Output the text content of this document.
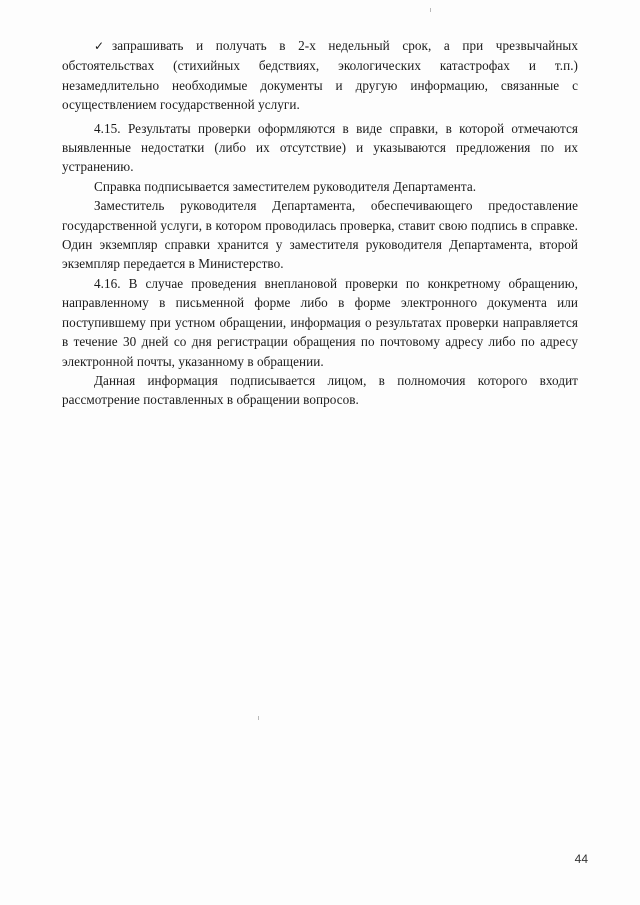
✓ запрашивать и получать в 2-х недельный срок, а при чрезвычайных обстоятельствах (стихийных бедствиях, экологических катастрофах и т.п.) незамедлительно необходимые документы и другую информацию, связанные с осуществлением государственной услуги.

4.15. Результаты проверки оформляются в виде справки, в которой отмечаются выявленные недостатки (либо их отсутствие) и указываются предложения по их устранению.

Справка подписывается заместителем руководителя Департамента.

Заместитель руководителя Департамента, обеспечивающего предоставление государственной услуги, в котором проводилась проверка, ставит свою подпись в справке. Один экземпляр справки хранится у заместителя руководителя Департамента, второй экземпляр передается в Министерство.

4.16. В случае проведения внеплановой проверки по конкретному обращению, направленному в письменной форме либо в форме электронного документа или поступившему при устном обращении, информация о результатах проверки направляется в течение 30 дней со дня регистрации обращения по почтовому адресу либо по адресу электронной почты, указанному в обращении.

Данная информация подписывается лицом, в полномочия которого входит рассмотрение поставленных в обращении вопросов.

44
